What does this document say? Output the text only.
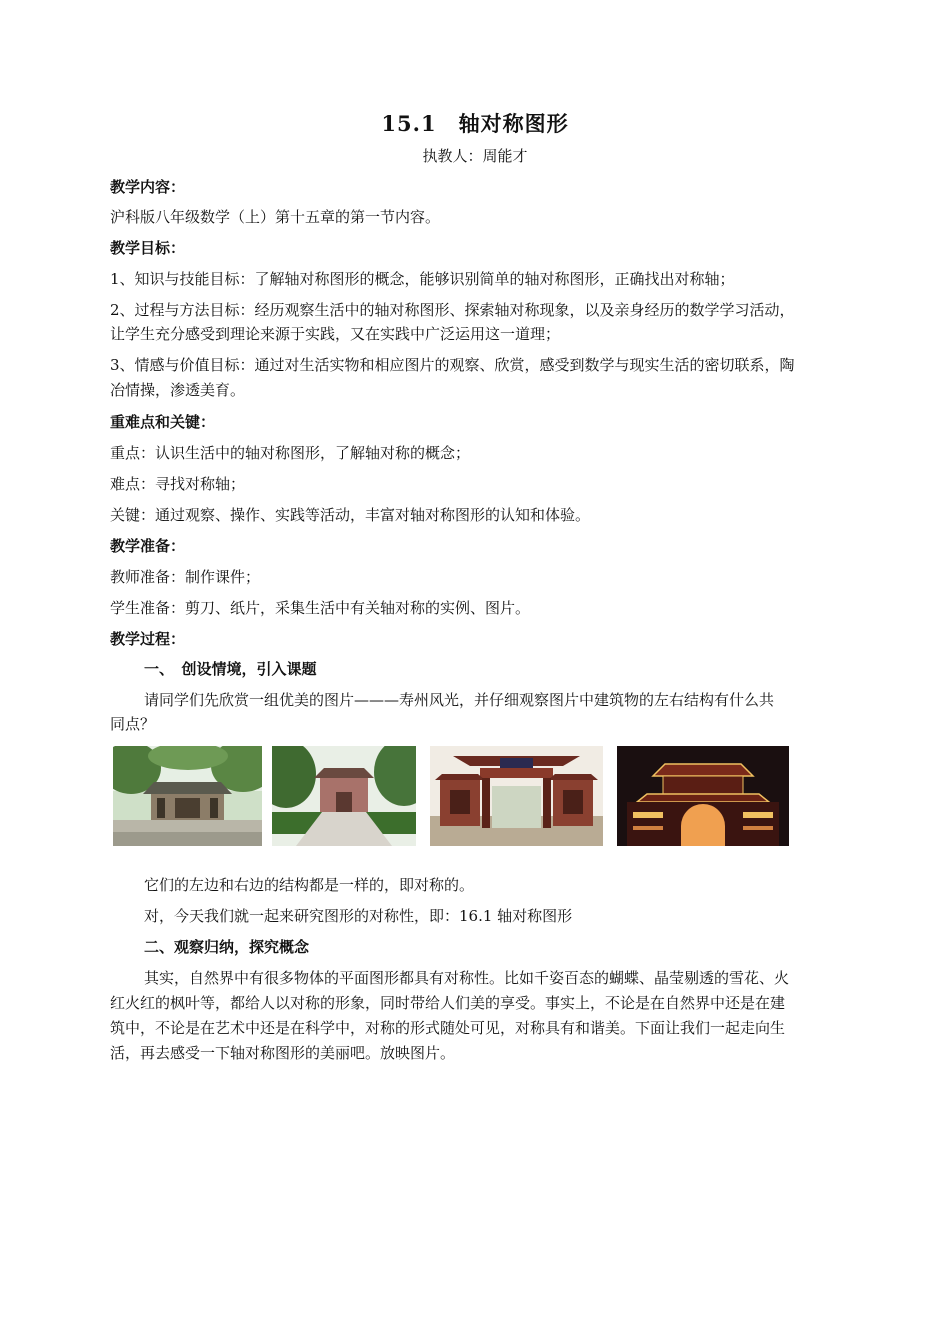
15.1　轴对称图形
执教人：周能才
教学内容：
沪科版八年级数学（上）第十五章的第一节内容。
教学目标：
1、知识与技能目标：了解轴对称图形的概念，能够识别简单的轴对称图形，正确找出对称轴；
2、过程与方法目标：经历观察生活中的轴对称图形、探索轴对称现象，以及亲身经历的数学学习活动，
让学生充分感受到理论来源于实践，又在实践中广泛运用这一道理；
3、情感与价值目标：通过对生活实物和相应图片的观察、欣赏，感受到数学与现实生活的密切联系，陶
冶情操，渗透美育。
重难点和关键：
重点：认识生活中的轴对称图形，了解轴对称的概念；
难点：寻找对称轴；
关键：通过观察、操作、实践等活动，丰富对轴对称图形的认知和体验。
教学准备：
教师准备：制作课件；
学生准备：剪刀、纸片，采集生活中有关轴对称的实例、图片。
教学过程：
一、　创设情境，引入课题
请同学们先欣赏一组优美的图片———寿州风光，并仔细观察图片中建筑物的左右结构有什么共
同点？
它们的左边和右边的结构都是一样的，即对称的。
对，今天我们就一起来研究图形的对称性，即：16.1 轴对称图形
二、观察归纳，探究概念
其实，自然界中有很多物体的平面图形都具有对称性。比如千姿百态的蝴蝶、晶莹剔透的雪花、火
红火红的枫叶等，都给人以对称的形象，同时带给人们美的享受。事实上，不论是在自然界中还是在建
筑中，不论是在艺术中还是在科学中，对称的形式随处可见，对称具有和谐美。下面让我们一起走向生
活，再去感受一下轴对称图形的美丽吧。放映图片。
